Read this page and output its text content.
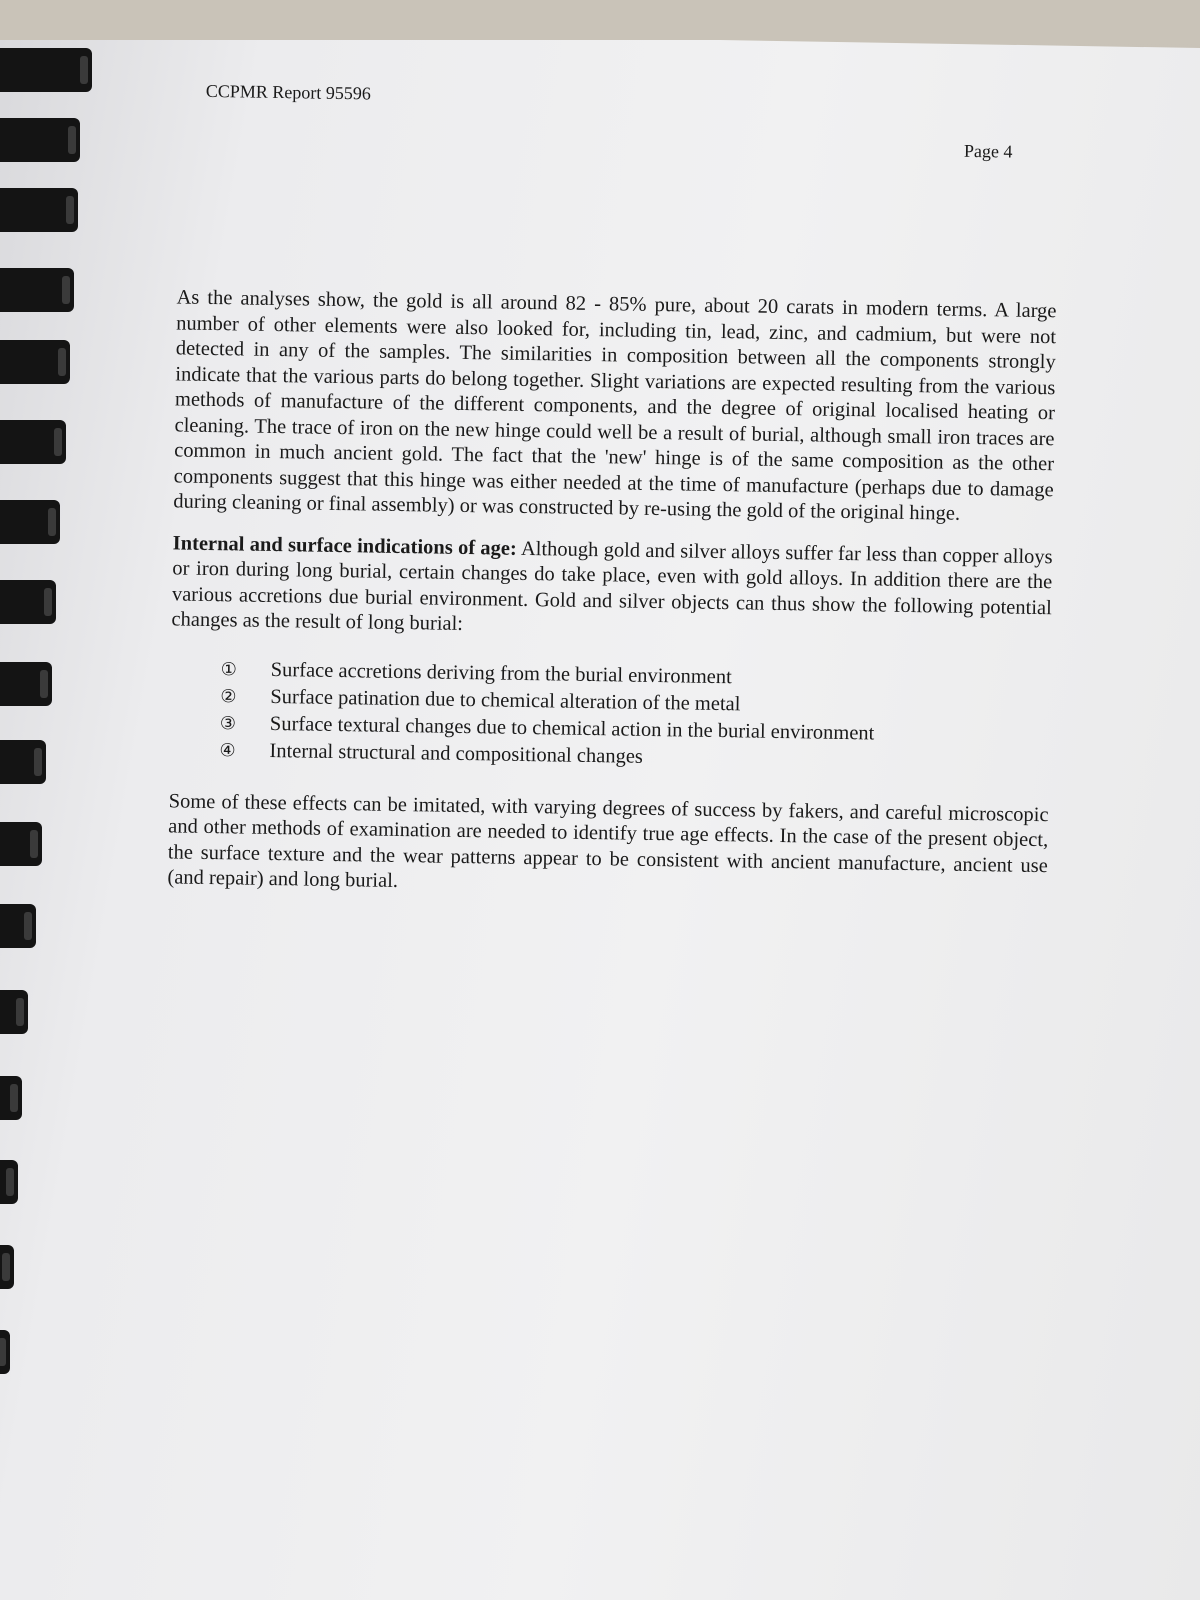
CCPMR Report 95596
Page 4

As the analyses show, the gold is all around 82 - 85% pure, about 20 carats in modern terms. A large number of other elements were also looked for, including tin, lead, zinc, and cadmium, but were not detected in any of the samples. The similarities in composition between all the components strongly indicate that the various parts do belong together. Slight variations are expected resulting from the various methods of manufacture of the different components, and the degree of original localised heating or cleaning. The trace of iron on the new hinge could well be a result of burial, although small iron traces are common in much ancient gold. The fact that the 'new' hinge is of the same composition as the other components suggest that this hinge was either needed at the time of manufacture (perhaps due to damage during cleaning or final assembly) or was constructed by re-using the gold of the original hinge.

Internal and surface indications of age: Although gold and silver alloys suffer far less than copper alloys or iron during long burial, certain changes do take place, even with gold alloys. In addition there are the various accretions due burial environment. Gold and silver objects can thus show the following potential changes as the result of long burial:

①	Surface accretions deriving from the burial environment
②	Surface patination due to chemical alteration of the metal
③	Surface textural changes due to chemical action in the burial environment
④	Internal structural and compositional changes

Some of these effects can be imitated, with varying degrees of success by fakers, and careful microscopic and other methods of examination are needed to identify true age effects. In the case of the present object, the surface texture and the wear patterns appear to be consistent with ancient manufacture, ancient use (and repair) and long burial.
